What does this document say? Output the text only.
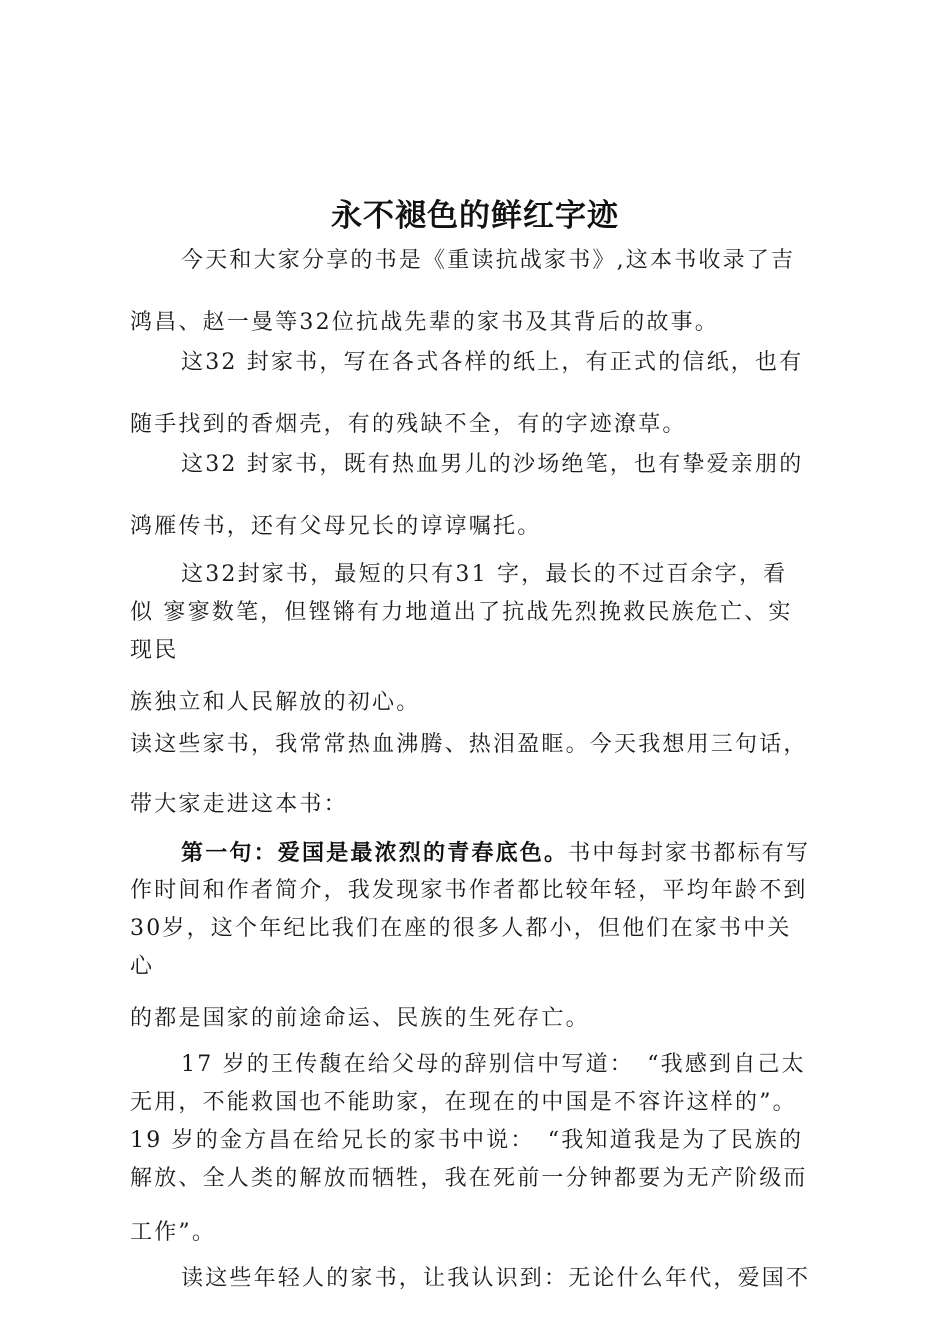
永不褪色的鲜红字迹
今天和大家分享的书是《重读抗战家书》,这本书收录了吉
鸿昌、赵一曼等32位抗战先辈的家书及其背后的故事。
这32 封家书，写在各式各样的纸上，有正式的信纸，也有
随手找到的香烟壳，有的残缺不全，有的字迹潦草。
这32 封家书，既有热血男儿的沙场绝笔，也有挚爱亲朋的
鸿雁传书，还有父母兄长的谆谆嘱托。
这32封家书，最短的只有31 字，最长的不过百余字，看
似 寥寥数笔，但铿锵有力地道出了抗战先烈挽救民族危亡、实
现民
族独立和人民解放的初心。
读这些家书，我常常热血沸腾、热泪盈眶。今天我想用三句话，
带大家走进这本书：
第一句：爱国是最浓烈的青春底色。书中每封家书都标有写
作时间和作者简介，我发现家书作者都比较年轻，平均年龄不到
30岁，这个年纪比我们在座的很多人都小，但他们在家书中关
心
的都是国家的前途命运、民族的生死存亡。
17 岁的王传馥在给父母的辞别信中写道：　“我感到自己太
无用，不能救国也不能助家，在现在的中国是不容许这样的”。
19 岁的金方昌在给兄长的家书中说：　“我知道我是为了民族的
解放、全人类的解放而牺牲，我在死前一分钟都要为无产阶级而
工作”。
读这些年轻人的家书，让我认识到：无论什么年代，爱国不
